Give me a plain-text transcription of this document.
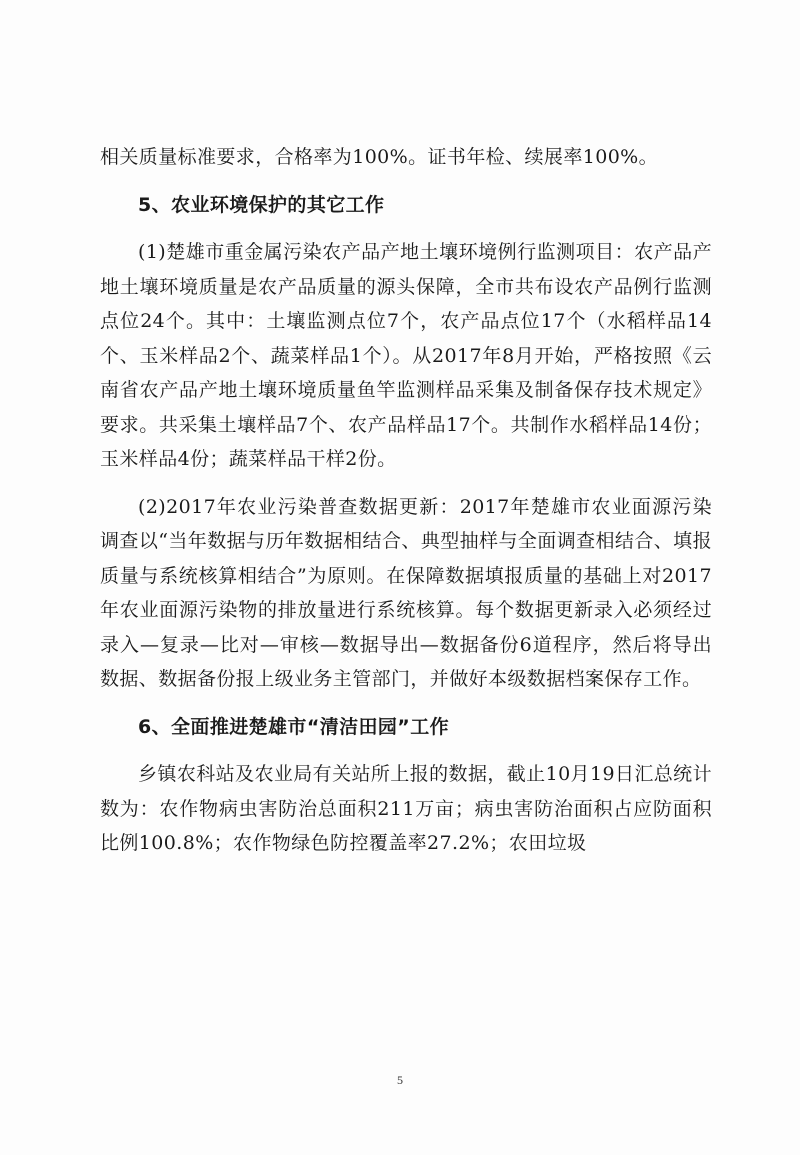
相关质量标准要求，合格率为100%。证书年检、续展率100%。

5、农业环境保护的其它工作

(1)楚雄市重金属污染农产品产地土壤环境例行监测项目：农产品产地土壤环境质量是农产品质量的源头保障，全市共布设农产品例行监测点位24个。其中：土壤监测点位7个，农产品点位17个（水稻样品14个、玉米样品2个、蔬菜样品1个）。从2017年8月开始，严格按照《云南省农产品产地土壤环境质量鱼竿监测样品采集及制备保存技术规定》要求。共采集土壤样品7个、农产品样品17个。共制作水稻样品14份；玉米样品4份；蔬菜样品干样2份。

(2)2017年农业污染普查数据更新：2017年楚雄市农业面源污染调查以“当年数据与历年数据相结合、典型抽样与全面调查相结合、填报质量与系统核算相结合”为原则。在保障数据填报质量的基础上对2017年农业面源污染物的排放量进行系统核算。每个数据更新录入必须经过录入—复录—比对—审核—数据导出—数据备份6道程序，然后将导出数据、数据备份报上级业务主管部门，并做好本级数据档案保存工作。

6、全面推进楚雄市“清洁田园”工作

乡镇农科站及农业局有关站所上报的数据，截止10月19日汇总统计数为：农作物病虫害防治总面积211万亩；病虫害防治面积占应防面积比例100.8%；农作物绿色防控覆盖率27.2%；农田垃圾

5
